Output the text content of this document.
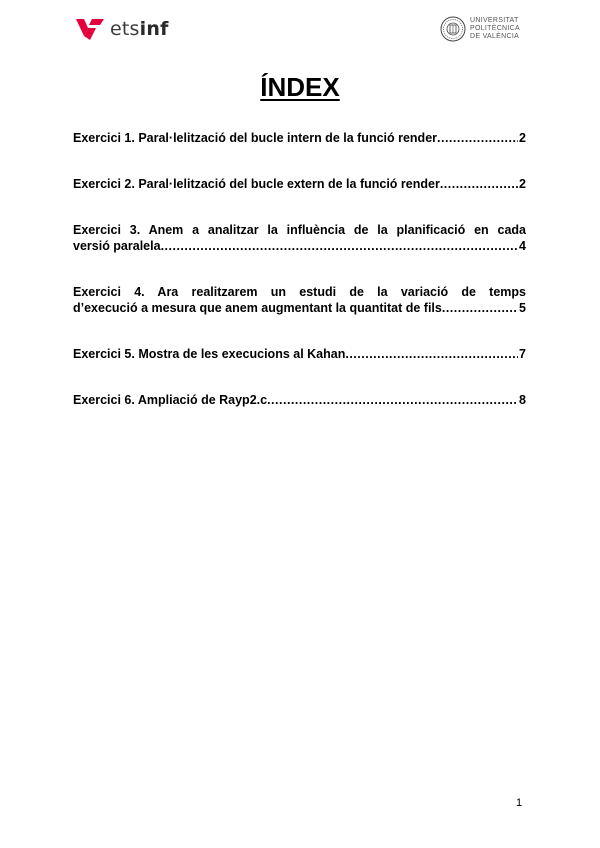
etsinf	UNIVERSITAT
POLITÈCNICA
DE VALÈNCIA
ÍNDEX
Exercici 1. Paral·lelització del bucle intern de la funció render .....	2
Exercici 2. Paral·lelització del bucle extern de la funció render .....	2
Exercici 3. Anem a analitzar la influència de la planificació en cada
versió paralela .....	4
Exercici 4. Ara realitzarem un estudi de la variació de temps
d’execució a mesura que anem augmentant la quantitat de fils .....	5
Exercici 5. Mostra de les execucions al Kahan .....	7
Exercici 6. Ampliació de Rayp2.c .....	8
1
